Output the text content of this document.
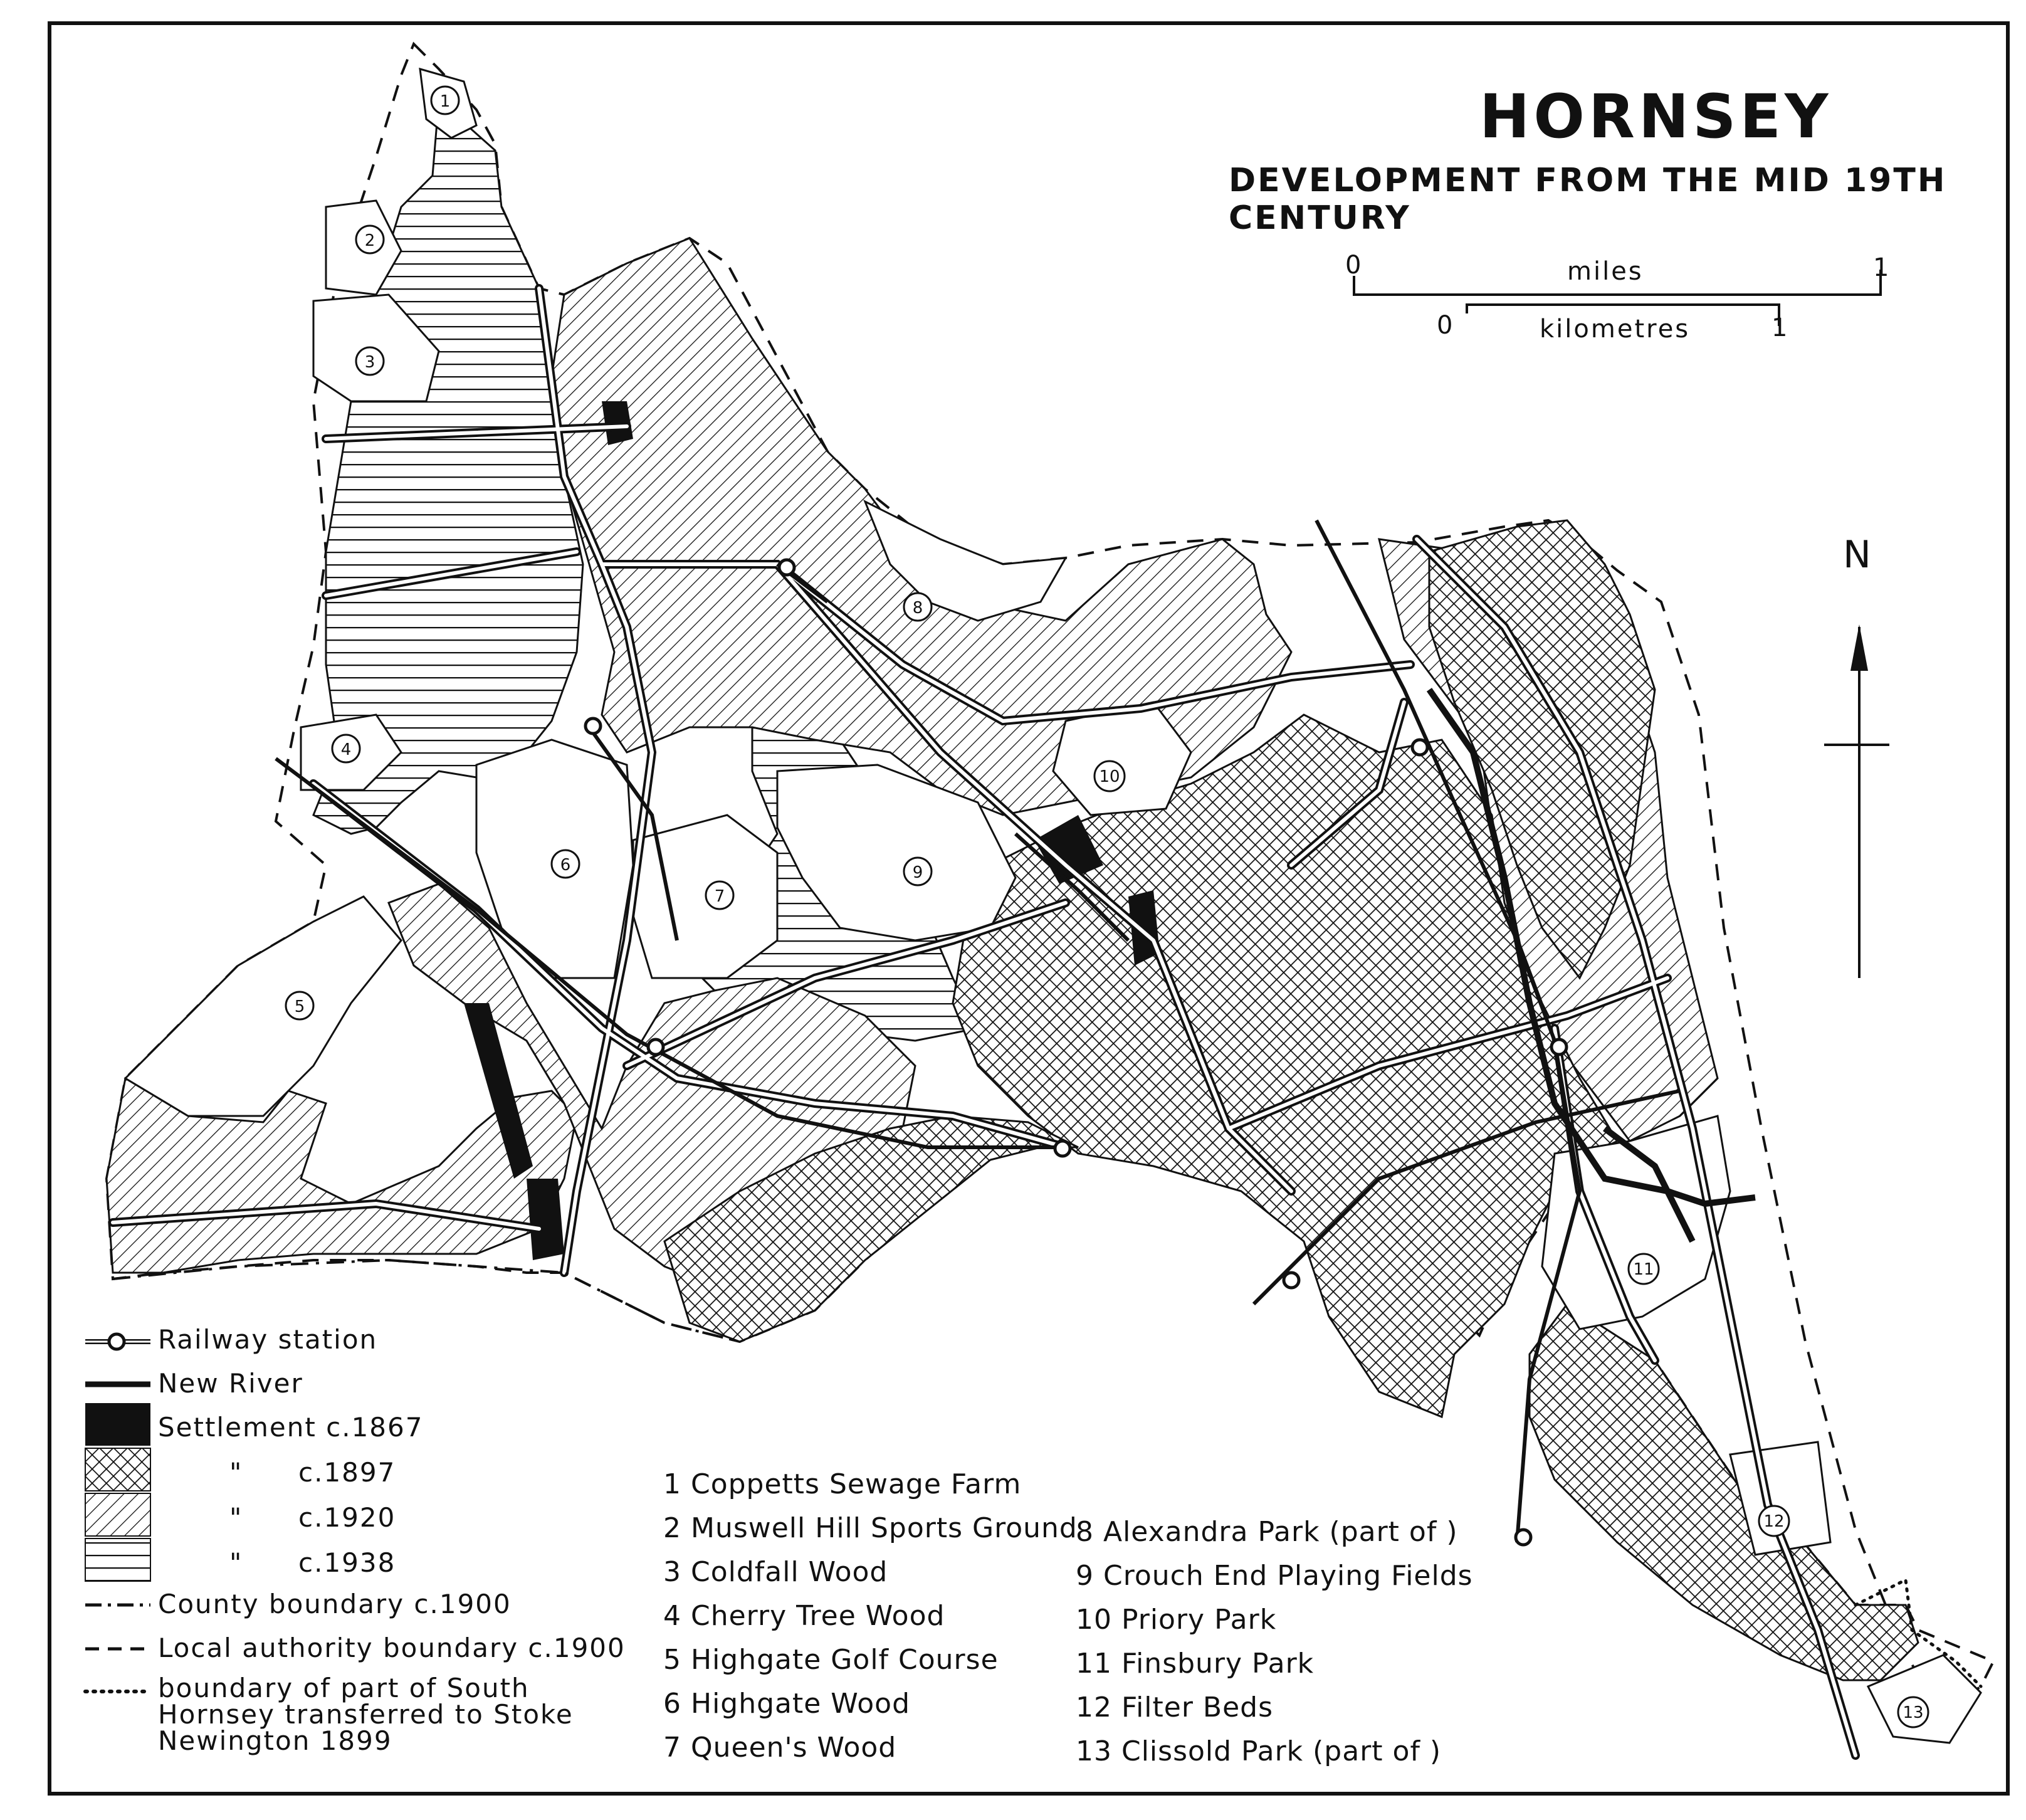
1
2
3
4
5
6
7
8
9
10
11
12
13
HORNSEY
DEVELOPMENT FROM THE MID 19TH CENTURY
0	miles	1
0	kilometres	1
N
Railway station
New River
Settlement c.1867
" c.1897
" c.1920
" c.1938
County boundary c.1900
Local authority boundary c.1900
boundary of part of South Hornsey transferred to Stoke Newington 1899
1 Coppetts Sewage Farm
2 Muswell Hill Sports Ground
3 Coldfall Wood
4 Cherry Tree Wood
5 Highgate Golf Course
6 Highgate Wood
7 Queen's Wood
8 Alexandra Park (part of )
9 Crouch End Playing Fields
10 Priory Park
11 Finsbury Park
12 Filter Beds
13 Clissold Park (part of )
